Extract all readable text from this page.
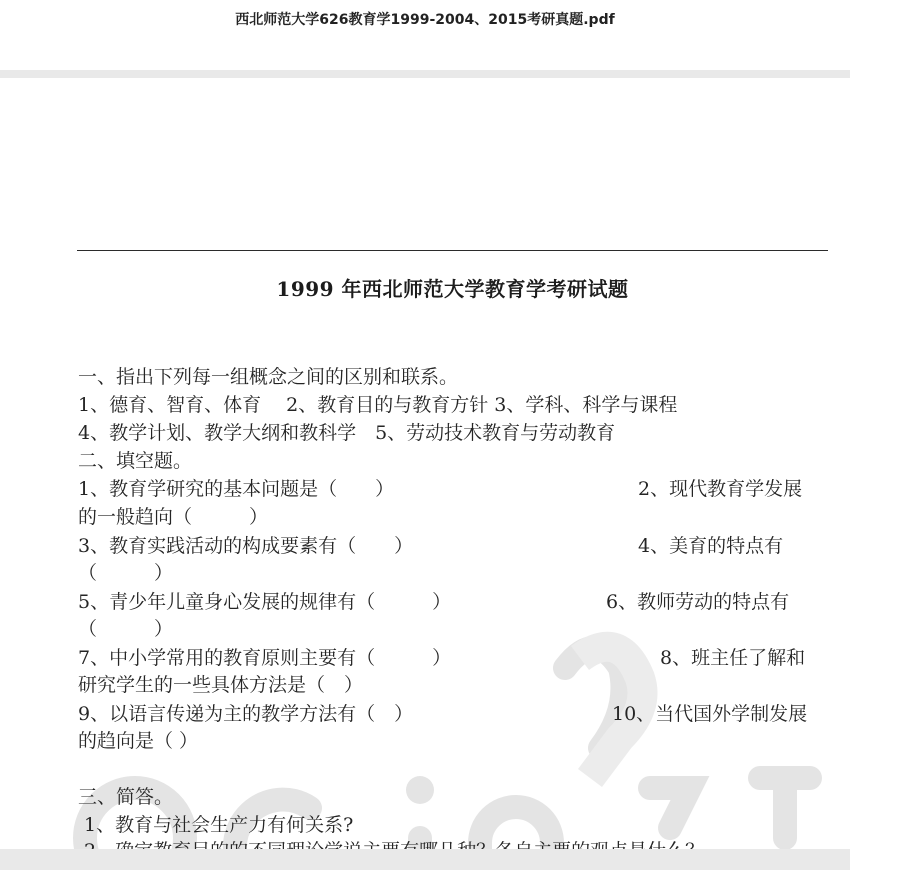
西北师范大学626教育学1999-2004、2015考研真题.pdf
1999 年西北师范大学教育学考研试题
一、指出下列每一组概念之间的区别和联系。
1、德育、智育、体育　 2、教育目的与教育方针 3、学科、科学与课程
4、教学计划、教学大纲和教科学　5、劳动技术教育与劳动教育
二、填空题。
1、教育学研究的基本问题是（　　）	2、现代教育学发展
的一般趋向（　　　）
3、教育实践活动的构成要素有（　　）	4、美育的特点有
（　　　）
5、青少年儿童身心发展的规律有（　　　）	6、教师劳动的特点有
（　　　）
7、中小学常用的教育原则主要有（　　　）	8、班主任了解和
研究学生的一些具体方法是（　）
9、以语言传递为主的教学方法有（　）	10、当代国外学制发展
的趋向是（ ）
三、简答。
1、教育与社会生产力有何关系?
